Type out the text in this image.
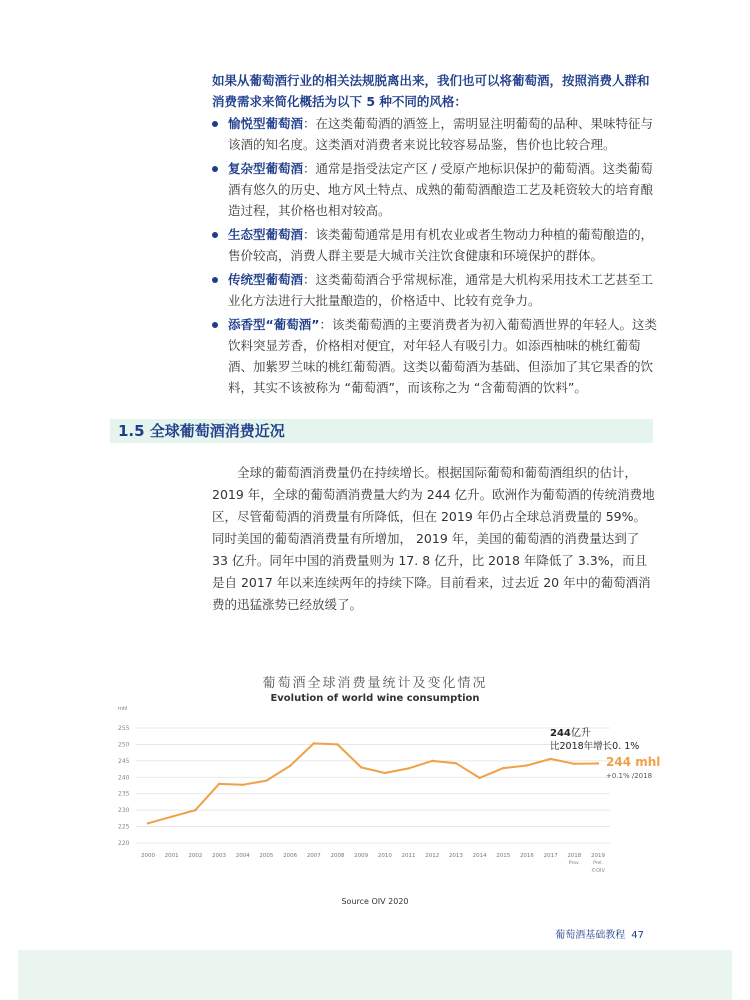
如果从葡萄酒行业的相关法规脱离出来，我们也可以将葡萄酒，按照消费人群和消费需求来简化概括为以下 5 种不同的风格：
愉悦型葡萄酒：在这类葡萄酒的酒签上，需明显注明葡萄的品种、果味特征与该酒的知名度。这类酒对消费者来说比较容易品鉴，售价也比较合理。
复杂型葡萄酒：通常是指受法定产区 / 受原产地标识保护的葡萄酒。这类葡萄酒有悠久的历史、地方风土特点、成熟的葡萄酒酿造工艺及耗资较大的培育酿造过程，其价格也相对较高。
生态型葡萄酒：该类葡萄通常是用有机农业或者生物动力种植的葡萄酿造的，售价较高，消费人群主要是大城市关注饮食健康和环境保护的群体。
传统型葡萄酒：这类葡萄酒合乎常规标准，通常是大机构采用技术工艺甚至工业化方法进行大批量酿造的，价格适中、比较有竞争力。
添香型“葡萄酒”：该类葡萄酒的主要消费者为初入葡萄酒世界的年轻人。这类饮料突显芳香，价格相对便宜，对年轻人有吸引力。如添西柚味的桃红葡萄酒、加紫罗兰味的桃红葡萄酒。这类以葡萄酒为基础、但添加了其它果香的饮料，其实不该被称为 “葡萄酒”，而该称之为 “含葡萄酒的饮料”。
1.5 全球葡萄酒消费近况
全球的葡萄酒消费量仍在持续增长。根据国际葡萄和葡萄酒组织的估计，2019 年，全球的葡萄酒消费量大约为 244 亿升。欧洲作为葡萄酒的传统消费地区，尽管葡萄酒的消费量有所降低，但在 2019 年仍占全球总消费量的 59%。同时美国的葡萄酒消费量有所增加， 2019 年，美国的葡萄酒的消费量达到了 33 亿升。同年中国的消费量则为 17. 8 亿升，比 2018 年降低了 3.3%，而且是自 2017 年以来连续两年的持续下降。目前看来，过去近 20 年中的葡萄酒消费的迅猛涨势已经放缓了。
葡萄酒全球消费量统计及变化情况
Evolution of world wine consumption
mhl
220
225
230
235
240
245
250
255
2000 2001 2002 2003 2004 2005 2006 2007 2008 2009 2010 2011 2012 2013 2014 2015 2016 2017 2018
Prov.
2019
Prel.
©OIV
244亿升
比2018年增长0. 1%
244 mhl
+0.1% /2018
Source OIV 2020
葡萄酒基础教程 47
